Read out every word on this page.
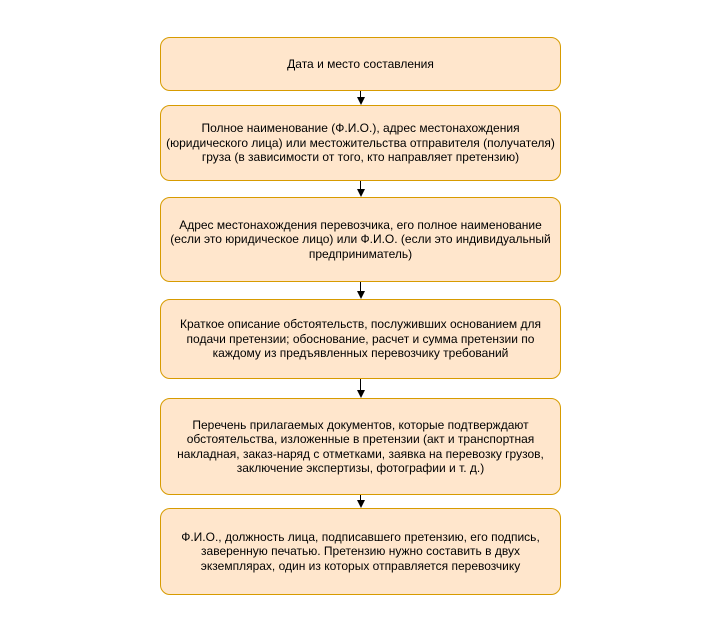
Дата и место составления
Полное наименование (Ф.И.О.), адрес местонахождения (юридического лица) или местожительства отправителя (получателя) груза (в зависимости от того, кто направляет претензию)
Адрес местонахождения перевозчика, его полное наименование (если это юридическое лицо) или Ф.И.О. (если это индивидуальный предприниматель)
Краткое описание обстоятельств, послуживших основанием для подачи претензии; обоснование, расчет и сумма претензии по каждому из предъявленных перевозчику требований
Перечень прилагаемых документов, которые подтверждают обстоятельства, изложенные в претензии (акт и транспортная накладная, заказ-наряд с отметками, заявка на перевозку грузов, заключение экспертизы, фотографии и т. д.)
Ф.И.О., должность лица, подписавшего претензию, его подпись, заверенную печатью. Претензию нужно составить в двух экземплярах, один из которых отправляется перевозчику
